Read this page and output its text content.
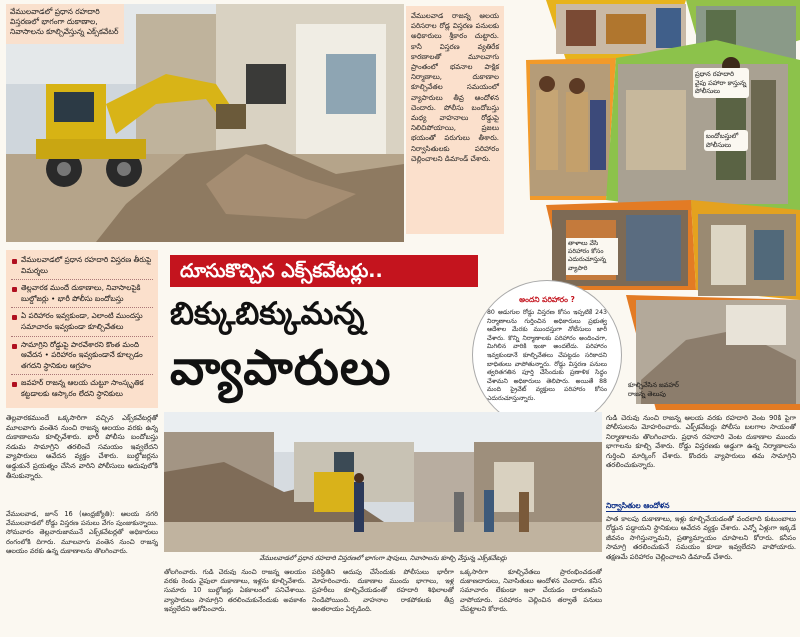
వేములవాడలో ప్రధాన రహదారి విస్తరణలో భాగంగా దుకాణాల, నివాసాలను కూల్చివేస్తున్న ఎక్స్‌కవేటర్
వేములవాడ రాజన్న ఆలయ పరిసరాల రోడ్ల విస్తరణ పనులకు అధికారులు శ్రీకారం చుట్టారు. కానీ విస్తరణ వ్యతిరేక కారణాలతో మూలవాగు ప్రాంతంలో భవనాల పాక్షిక నిర్మాణాలు, దుకాణాల కూల్చివేతల సమయంలో వ్యాపారులు తీవ్ర ఆందోళన చెందారు. పోలీసు బందోబస్తు మధ్య వాహనాలు రోడ్డుపై నిలిచిపోయాయి, ప్రజలు భయంతో పరుగులు తీశారు. నిర్వాసితులకు పరిహారం చెల్లించాలని డిమాండ్ చేశారు.
ప్రధాన రహదారి వైపు పహారా కాస్తున్న పోలీసులు
బందోబస్తులో పోలీసులు
తాళాలు వేసి పరిహారం కోసం ఎదురుచూస్తున్న వ్యాపారి
కూల్చివేసిన జవహర్ రాజన్న తెలుపు
వేములవాడలో ప్రధాన రహదారి విస్తరణ తీరుపై విమర్శలు
తెల్లవారక ముందే దుకాణాలు, నివాసాలపైకి బుల్డోజర్లు • భారీ పోలీసు బందోబస్తు
ఏ పరిహారం ఇవ్వకుండా, ఎలాంటి ముందస్తు సమాచారం ఇవ్వకుండా కూల్చివేతలు
సామాగ్రిని రోడ్డుపై పారవేశారని కొంత మంది ఆవేదన • పరిహారం ఇవ్వకుండానే కూల్చడం తగదని స్థానికుల ఆగ్రహం
జవహర్ రాజన్న ఆలయ చుట్టూ సాంస్కృతిక కట్టడాలకు ఆస్కారం లేదని స్థానికులు
దూసుకొచ్చిన ఎక్స్‌కవేటర్లు..
బిక్కుబిక్కుమన్న
వ్యాపారులు
అందని పరిహారం ?
80 అడుగుల రోడ్డు విస్తరణ కోసం ఇప్పటికే 243 నిర్మాణాలను గుర్తించిన అధికారులు ప్రభుత్వ ఆదేశాల మేరకు ముందస్తుగా నోటీసులు జారీ చేశారు. కొన్ని నిర్మాణాలకు పరిహారం అందించగా, మిగిలిన వారికి ఇంకా అందలేదు. పరిహారం ఇవ్వకుండానే కూల్చివేతలు చేపట్టడం సరికాదని బాధితులు వాపోతున్నారు. రోడ్డు విస్తరణ పనులు త్వరితగతిన పూర్తి చేసేందుకు ప్రణాళిక సిద్ధం చేశామని అధికారులు తెలిపారు. అయితే 88 మంది ప్రైవేట్ వ్యక్తులు పరిహారం కోసం ఎదురుచూస్తున్నారు.
తెల్లవారకముందే ఒక్కసారిగా వచ్చిన ఎక్స్‌కవేటర్లతో మూలవాగు వంతెన నుంచి రాజన్న ఆలయం వరకు ఉన్న దుకాణాలను కూల్చివేశారు. భారీ పోలీసు బందోబస్తు నడుమ సామాగ్రిని తరలించే సమయం ఇవ్వలేదని వ్యాపారులు ఆవేదన వ్యక్తం చేశారు. బుల్డోజర్లను అడ్డుకునే ప్రయత్నం చేసిన వారిని పోలీసులు అదుపులోకి తీసుకున్నారు.
వేములవాడలో ప్రధాన రహదారి విస్తరణలో భాగంగా షాపులు, నివాసాలను కూల్చి వేస్తున్న ఎక్స్‌కవేటర్లు
గుడి చెరువు నుంచి రాజన్న ఆలయ వరకు రహదారి వెంట 90కి పైగా పోలీసులను మోహరించారు. ఎక్స్‌కవేటర్లు పోలీసు బలగాల సాయంతో నిర్మాణాలను తొలగించారు. ప్రధాన రహదారి వెంట దుకాణాల ముందు భాగాలను కూల్చి వేశారు. రోడ్డు విస్తరణకు అడ్డుగా ఉన్న నిర్మాణాలను గుర్తించి మార్కింగ్ చేశారు. కొందరు వ్యాపారులు తమ సామాగ్రిని తరలించుకున్నారు.
నిర్వాసితుల ఆందోళన
పాత కాలపు దుకాణాలు, ఇళ్లు కూల్చివేయడంతో వందలాది కుటుంబాలు రోడ్డున పడ్డాయని స్థానికులు ఆవేదన వ్యక్తం చేశారు. ఎన్నో ఏళ్లుగా ఇక్కడే జీవనం సాగిస్తున్నామని, ప్రత్యామ్నాయం చూపాలని కోరారు. కనీసం సామాగ్రి తరలించుకునే సమయం కూడా ఇవ్వలేదని వాపోయారు. తక్షణమే పరిహారం చెల్లించాలని డిమాండ్ చేశారు.
వేములవాడ, జూన్ 16 (ఆంధ్రజ్యోతి): ఆలయ నగరి వేములవాడలో రోడ్డు విస్తరణ పనులు వేగం పుంజుకున్నాయి. సోమవారం తెల్లవారుజామునే ఎక్స్‌కవేటర్లతో అధికారులు రంగంలోకి దిగారు. మూలవాగు వంతెన నుంచి రాజన్న ఆలయం వరకు ఉన్న దుకాణాలను తొలగించారు.
తోలగించారు. గుడి చెరువు నుంచి రాజన్న ఆలయం వరకు రెండు వైపులా దుకాణాలు, ఇళ్లను కూల్చివేశారు. సుమారు 10 బుల్డోజర్లు ఏకకాలంలో పనిచేశాయి. వ్యాపారులు సామాగ్రిని తరలించుకునేందుకు అవకాశం ఇవ్వలేదని ఆరోపించారు.
పరిస్థితిని అదుపు చేసేందుకు పోలీసులు భారీగా మోహరించారు. దుకాణాల ముందు భాగాలు, ఇళ్ల ప్రహరీలు కూల్చివేయడంతో రహదారి శిథిలాలతో నిండిపోయింది. వాహనాల రాకపోకలకు తీవ్ర అంతరాయం ఏర్పడింది.
ఒక్కసారిగా కూల్చివేతలు ప్రారంభించడంతో దుకాణదారులు, నివాసితులు ఆందోళన చెందారు. కనీస సమాచారం లేకుండా ఇలా చేయడం దారుణమని వాపోయారు. పరిహారం చెల్లించిన తర్వాతే పనులు చేపట్టాలని కోరారు.
